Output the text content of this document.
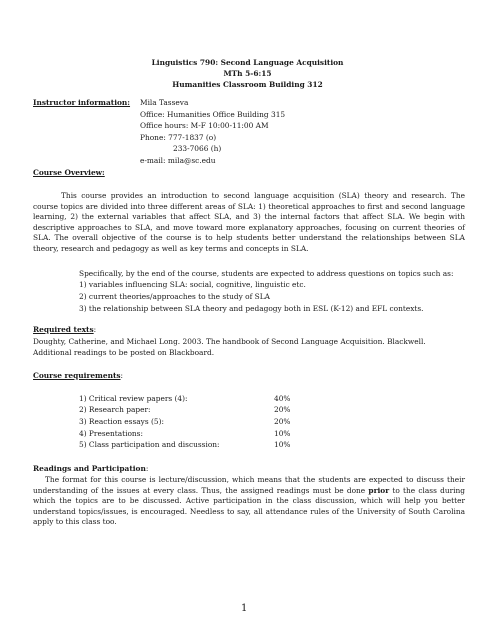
Linguistics 790: Second Language Acquisition
MTh 5-6:15
Humanities Classroom Building 312
Instructor information: Mila Tasseva
Office: Humanities Office Building 315
Office hours: M-F 10:00-11:00 AM
Phone: 777-1837 (o)
233-7066 (h)
e-mail: mila@sc.edu
Course Overview:
This course provides an introduction to second language acquisition (SLA) theory and research. The course topics are divided into three different areas of SLA: 1) theoretical approaches to first and second language learning, 2) the external variables that affect SLA, and 3) the internal factors that affect SLA. We begin with descriptive approaches to SLA, and move toward more explanatory approaches, focusing on current theories of SLA. The overall objective of the course is to help students better understand the relationships between SLA theory, research and pedagogy as well as key terms and concepts in SLA.
Specifically, by the end of the course, students are expected to address questions on topics such as:
1) variables influencing SLA: social, cognitive, linguistic etc.
2) current theories/approaches to the study of SLA
3) the relationship between SLA theory and pedagogy both in ESL (K-12) and EFL contexts.
Required texts:
Doughty, Catherine, and Michael Long. 2003. The handbook of Second Language Acquisition. Blackwell.
Additional readings to be posted on Blackboard.
Course requirements:
1) Critical review papers (4):	40%
2) Research paper:	20%
3) Reaction essays (5):	20%
4) Presentations:	10%
5) Class participation and discussion:	10%
Readings and Participation:
The format for this course is lecture/discussion, which means that the students are expected to discuss their understanding of the issues at every class. Thus, the assigned readings must be done prior to the class during which the topics are to be discussed. Active participation in the class discussion, which will help you better understand topics/issues, is encouraged. Needless to say, all attendance rules of the University of South Carolina apply to this class too.
1
